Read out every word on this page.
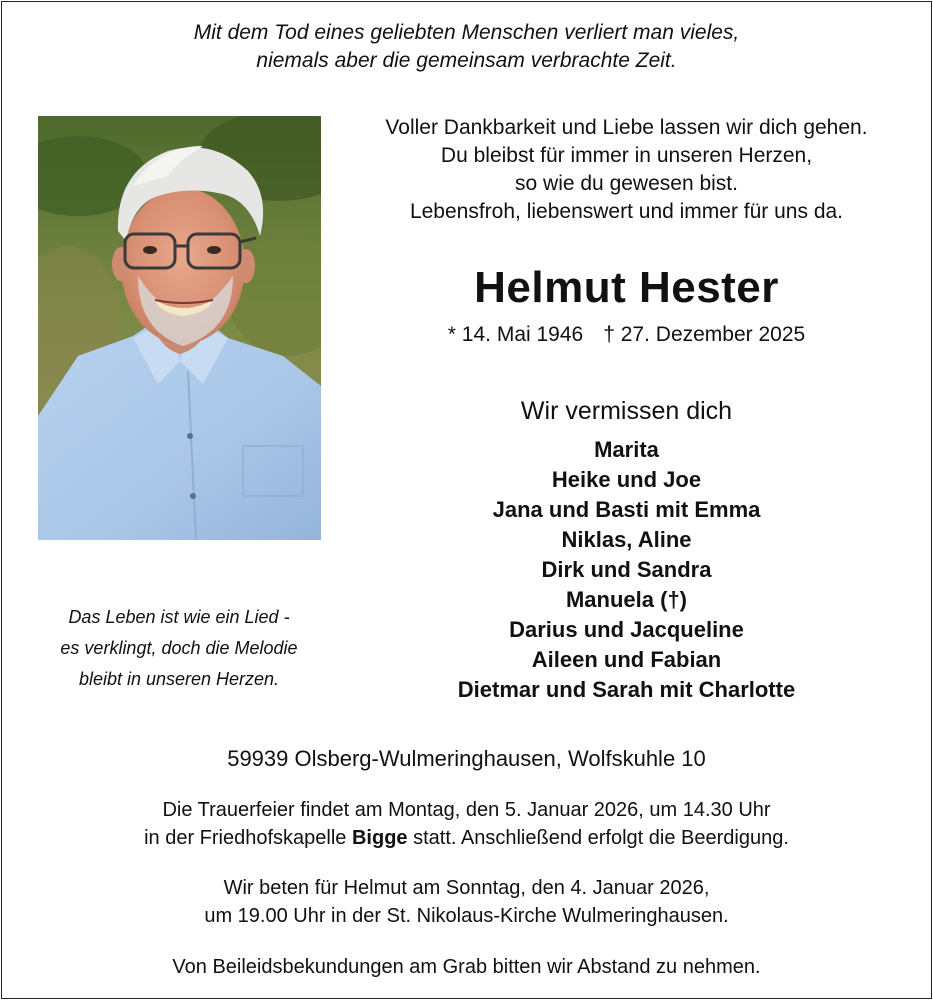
Mit dem Tod eines geliebten Menschen verliert man vieles,
niemals aber die gemeinsam verbrachte Zeit.
Voller Dankbarkeit und Liebe lassen wir dich gehen.
Du bleibst für immer in unseren Herzen,
so wie du gewesen bist.
Lebensfroh, liebenswert und immer für uns da.
Helmut Hester
* 14. Mai 1946 † 27. Dezember 2025
Wir vermissen dich
Marita
Heike und Joe
Jana und Basti mit Emma
Niklas, Aline
Dirk und Sandra
Manuela (†)
Darius und Jacqueline
Aileen und Fabian
Dietmar und Sarah mit Charlotte
Das Leben ist wie ein Lied -
es verklingt, doch die Melodie
bleibt in unseren Herzen.
59939 Olsberg-Wulmeringhausen, Wolfskuhle 10
Die Trauerfeier findet am Montag, den 5. Januar 2026, um 14.30 Uhr
in der Friedhofskapelle Bigge statt. Anschließend erfolgt die Beerdigung.
Wir beten für Helmut am Sonntag, den 4. Januar 2026,
um 19.00 Uhr in der St. Nikolaus-Kirche Wulmeringhausen.
Von Beileidsbekundungen am Grab bitten wir Abstand zu nehmen.
